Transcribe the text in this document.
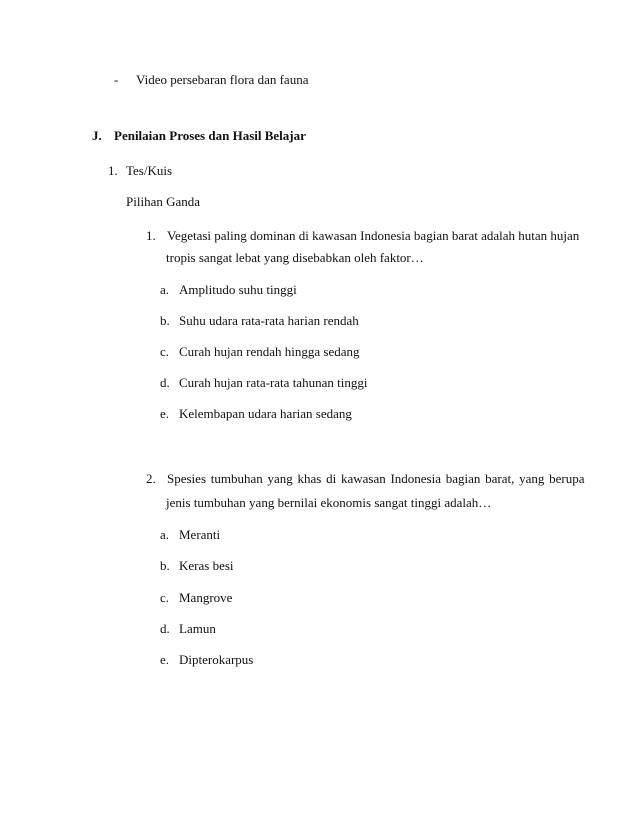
- Video persebaran flora dan fauna
J. Penilaian Proses dan Hasil Belajar
1. Tes/Kuis
Pilihan Ganda
1. Vegetasi paling dominan di kawasan Indonesia bagian barat adalah hutan hujan
tropis sangat lebat yang disebabkan oleh faktor…
a. Amplitudo suhu tinggi
b. Suhu udara rata-rata harian rendah
c. Curah hujan rendah hingga sedang
d. Curah hujan rata-rata tahunan tinggi
e. Kelembapan udara harian sedang
2. Spesies tumbuhan yang khas di kawasan Indonesia bagian barat, yang berupa
jenis tumbuhan yang bernilai ekonomis sangat tinggi adalah…
a. Meranti
b. Keras besi
c. Mangrove
d. Lamun
e. Dipterokarpus
